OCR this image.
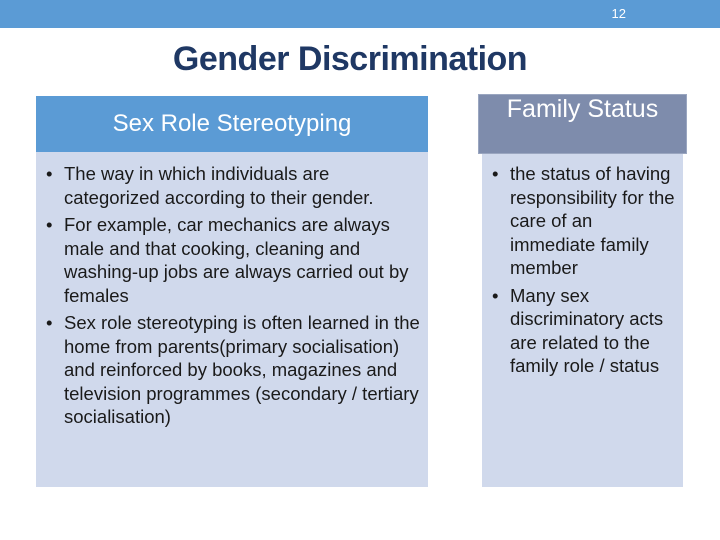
12
Gender Discrimination
Sex Role Stereotyping
• The way in which individuals are categorized according to their gender.
• For example, car mechanics are always male and that cooking, cleaning and washing-up jobs are always carried out by females
• Sex role stereotyping is often learned in the home from parents(primary socialisation) and reinforced by books, magazines and television programmes (secondary / tertiary socialisation)
Family Status
• the status of having responsibility for the care of an immediate family member
• Many sex discriminatory acts are related to the family role / status
